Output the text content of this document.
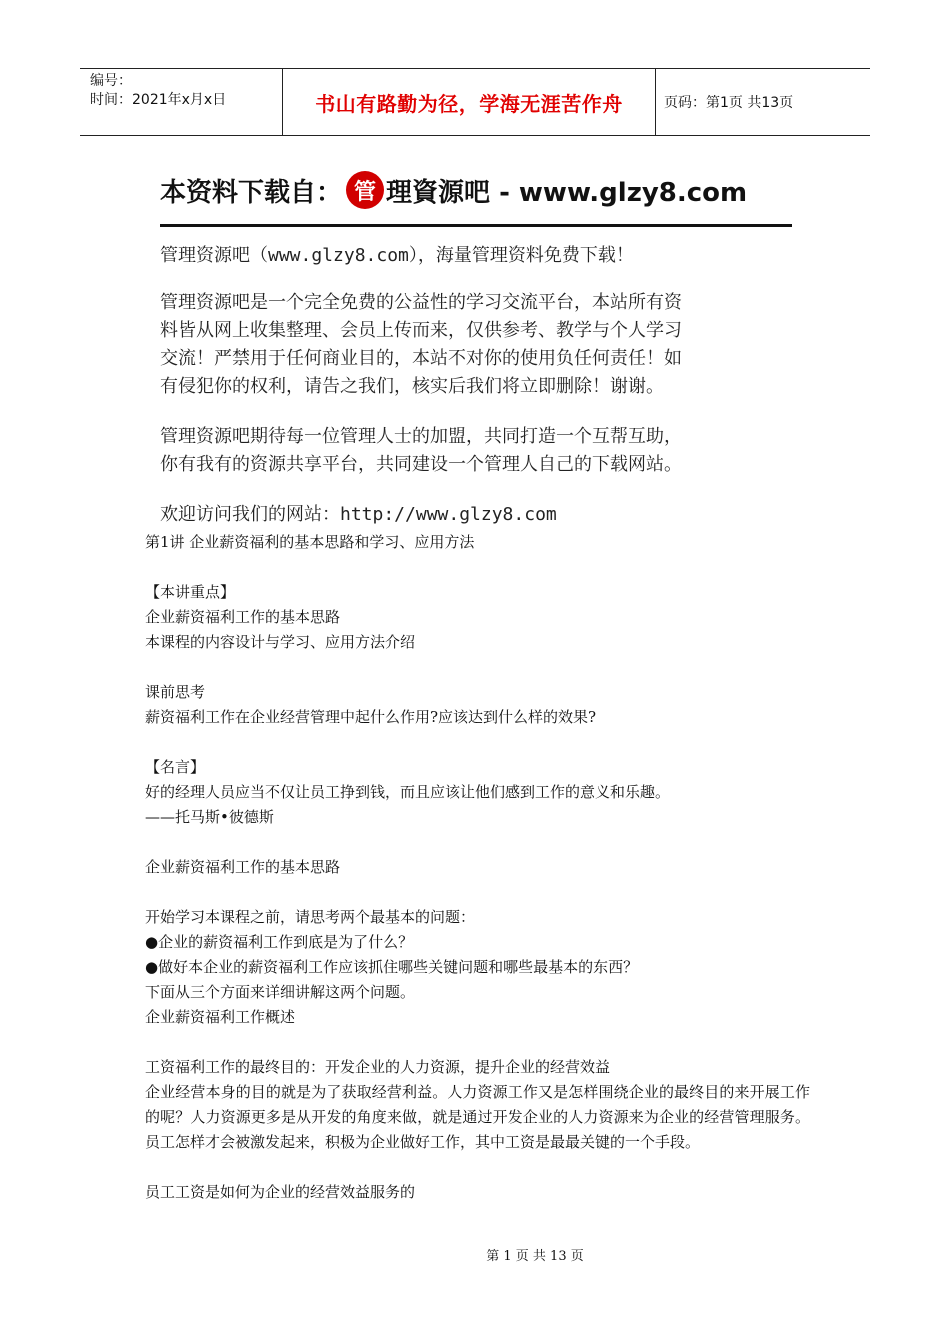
编号：
时间：2021年x月x日	书山有路勤为径，学海无涯苦作舟	页码：第1页 共13页
本资料下载自： 管 理資源吧 - www.glzy8.com

管理资源吧（www.glzy8.com），海量管理资料免费下载！

管理资源吧是一个完全免费的公益性的学习交流平台，本站所有资
料皆从网上收集整理、会员上传而来，仅供参考、教学与个人学习
交流！严禁用于任何商业目的，本站不对你的使用负任何责任！如
有侵犯你的权利，请告之我们，核实后我们将立即删除！谢谢。

管理资源吧期待每一位管理人士的加盟，共同打造一个互帮互助，
你有我有的资源共享平台，共同建设一个管理人自己的下载网站。

欢迎访问我们的网站：http://www.glzy8.com

第1讲 企业薪资福利的基本思路和学习、应用方法

【本讲重点】

企业薪资福利工作的基本思路

本课程的内容设计与学习、应用方法介绍

课前思考

薪资福利工作在企业经营管理中起什么作用?应该达到什么样的效果?

【名言】

好的经理人员应当不仅让员工挣到钱，而且应该让他们感到工作的意义和乐趣。

——托马斯•彼德斯

企业薪资福利工作的基本思路

开始学习本课程之前，请思考两个最基本的问题：

●企业的薪资福利工作到底是为了什么？

●做好本企业的薪资福利工作应该抓住哪些关键问题和哪些最基本的东西？

下面从三个方面来详细讲解这两个问题。

企业薪资福利工作概述

工资福利工作的最终目的：开发企业的人力资源，提升企业的经营效益

企业经营本身的目的就是为了获取经营利益。人力资源工作又是怎样围绕企业的最终目的来开展工作的呢？人力资源更多是从开发的角度来做，就是通过开发企业的人力资源来为企业的经营管理服务。员工怎样才会被激发起来，积极为企业做好工作，其中工资是最最关键的一个手段。

员工工资是如何为企业的经营效益服务的

第 1 页 共 13 页
